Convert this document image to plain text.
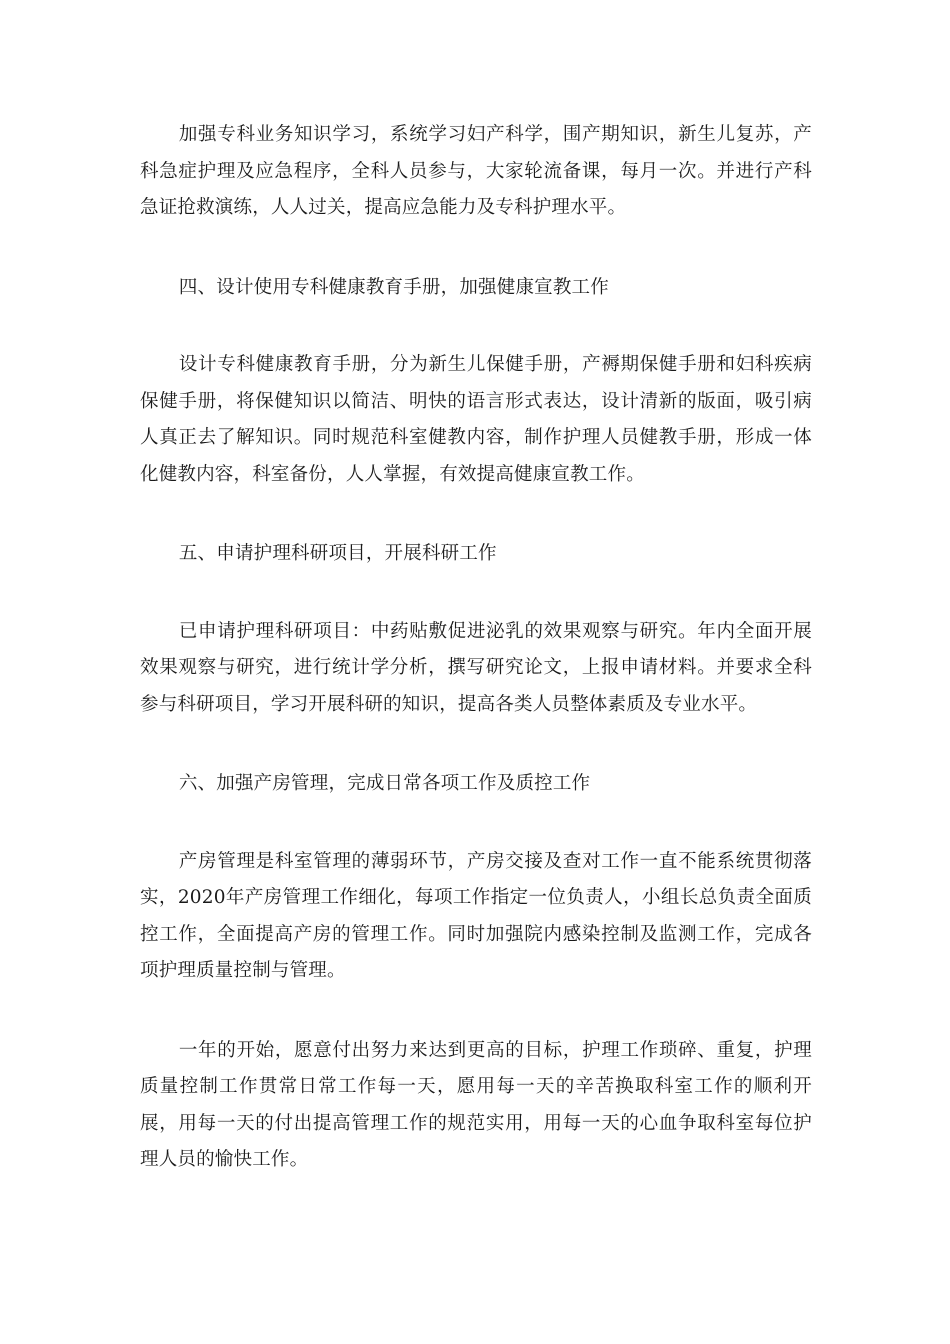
加强专科业务知识学习，系统学习妇产科学，围产期知识，新生儿复苏，产科急症护理及应急程序，全科人员参与，大家轮流备课，每月一次。并进行产科急证抢救演练，人人过关，提高应急能力及专科护理水平。

四、设计使用专科健康教育手册，加强健康宣教工作

设计专科健康教育手册，分为新生儿保健手册，产褥期保健手册和妇科疾病保健手册，将保健知识以简洁、明快的语言形式表达，设计清新的版面，吸引病人真正去了解知识。同时规范科室健教内容，制作护理人员健教手册，形成一体化健教内容，科室备份，人人掌握，有效提高健康宣教工作。

五、申请护理科研项目，开展科研工作

已申请护理科研项目：中药贴敷促进泌乳的效果观察与研究。年内全面开展效果观察与研究，进行统计学分析，撰写研究论文，上报申请材料。并要求全科参与科研项目，学习开展科研的知识，提高各类人员整体素质及专业水平。

六、加强产房管理，完成日常各项工作及质控工作

产房管理是科室管理的薄弱环节，产房交接及查对工作一直不能系统贯彻落实，2020年产房管理工作细化，每项工作指定一位负责人，小组长总负责全面质控工作，全面提高产房的管理工作。同时加强院内感染控制及监测工作，完成各项护理质量控制与管理。

一年的开始，愿意付出努力来达到更高的目标，护理工作琐碎、重复，护理质量控制工作贯常日常工作每一天，愿用每一天的辛苦换取科室工作的顺利开展，用每一天的付出提高管理工作的规范实用，用每一天的心血争取科室每位护理人员的愉快工作。
